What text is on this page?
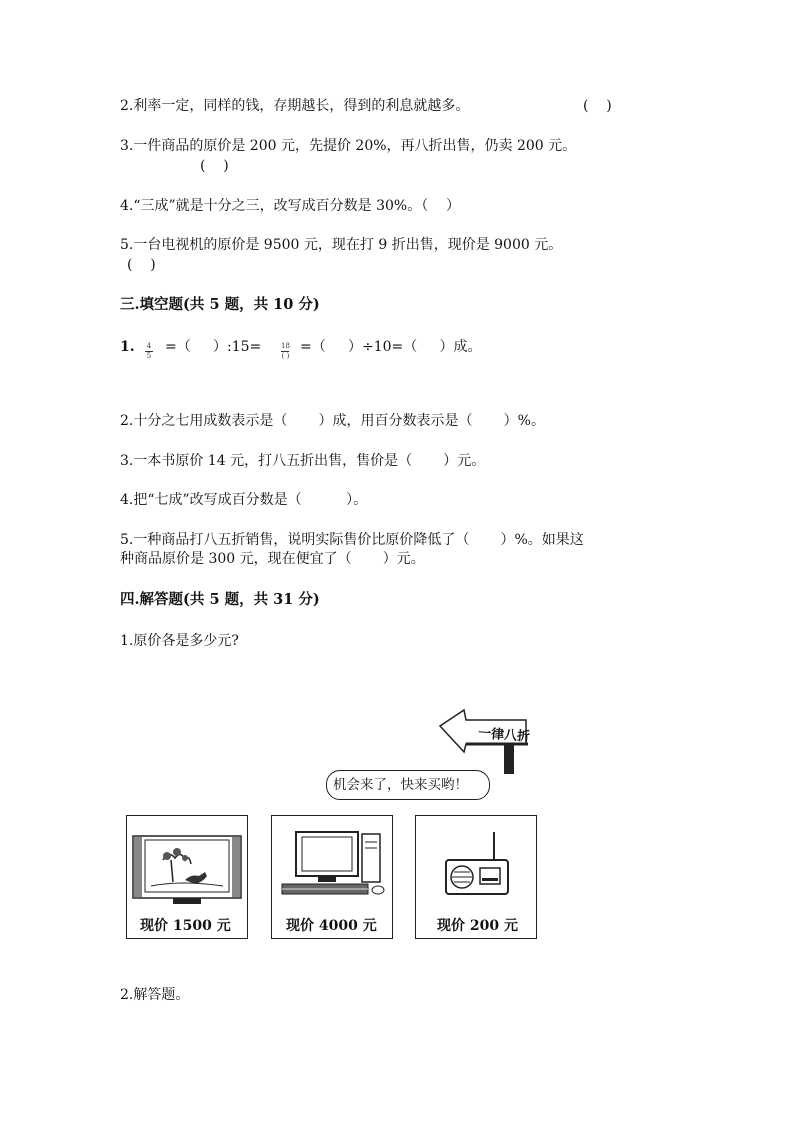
2.利率一定，同样的钱，存期越长，得到的利息就越多。	(    )
3.一件商品的原价是 200 元，先提价 20%，再八折出售，仍卖 200 元。
(    )
4.“三成”就是十分之三，改写成百分数是 30%。（    ）
5.一台电视机的原价是 9500 元，现在打 9 折出售，现价是 9000 元。
(    )
三.填空题(共 5 题，共 10 分)
1. 4
5
=（     ）:15=	18
( )
=（     ）÷10=（     ）成。
2.十分之七用成数表示是（       ）成，用百分数表示是（       ）%。
3.一本书原价 14 元，打八五折出售，售价是（       ）元。
4.把“七成”改写成百分数是（          ）。
5.一种商品打八五折销售，说明实际售价比原价降低了（       ）%。如果这
种商品原价是 300 元，现在便宜了（       ）元。
四.解答题(共 5 题，共 31 分)
1.原价各是多少元?
一律八折
机会来了，快来买哟！
现价 1500 元	现价 4000 元	现价 200 元
2.解答题。
